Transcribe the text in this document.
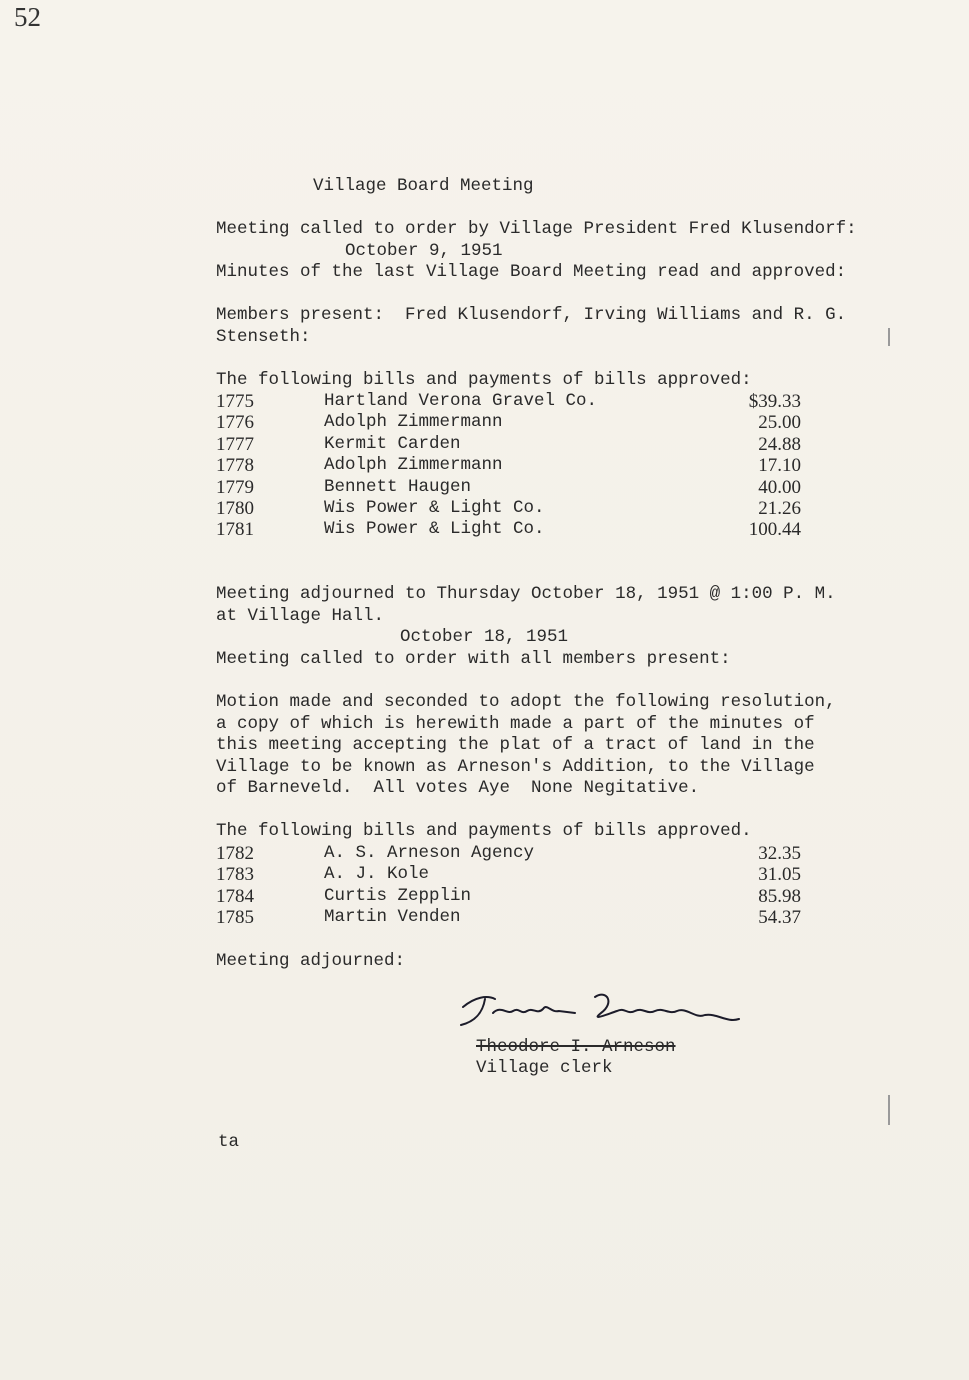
52

Village Board Meeting

October 9, 1951

Meeting called to order by Village President Fred Klusendorf:
Minutes of the last Village Board Meeting read and approved:
Members present:  Fred Klusendorf, Irving Williams and R. G.
Stenseth:
The following bills and payments of bills approved:
1775	Hartland Verona Gravel Co.	$39.33
1776	Adolph Zimmermann	25.00
1777	Kermit Carden	24.88
1778	Adolph Zimmermann	17.10
1779	Bennett Haugen	40.00
1780	Wis Power & Light Co.	21.26
1781	Wis Power & Light Co.	100.44
Meeting adjourned to Thursday October 18, 1951 @ 1:00 P. M.
at Village Hall.
October 18, 1951
Meeting called to order with all members present:
Motion made and seconded to adopt the following resolution,
a copy of which is herewith made a part of the minutes of
this meeting accepting the plat of a tract of land in the
Village to be known as Arneson's Addition, to the Village
of Barneveld.  All votes Aye  None Negitative.
The following bills and payments of bills approved.
1782	A. S. Arneson Agency	32.35
1783	A. J. Kole	31.05
1784	Curtis Zepplin	85.98
1785	Martin Venden	54.37
Meeting adjourned:
Theodore I. Arneson
Village clerk
ta
